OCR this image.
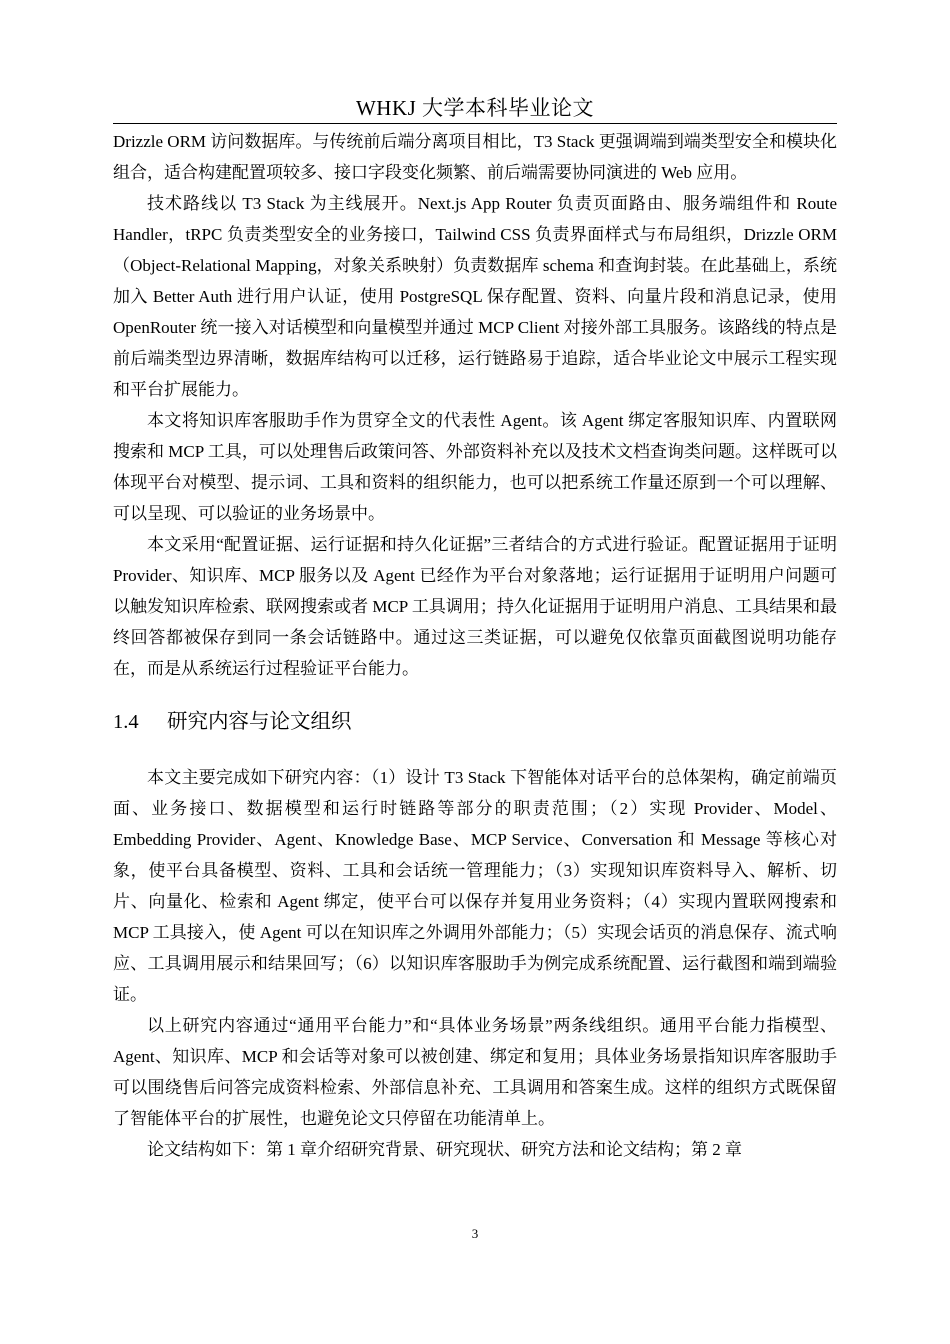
WHKJ 大学本科毕业论文

Drizzle ORM 访问数据库。与传统前后端分离项目相比，T3 Stack 更强调端到端类型安全和模块化组合，适合构建配置项较多、接口字段变化频繁、前后端需要协同演进的 Web 应用。

技术路线以 T3 Stack 为主线展开。Next.js App Router 负责页面路由、服务端组件和 Route Handler，tRPC 负责类型安全的业务接口，Tailwind CSS 负责界面样式与布局组织，Drizzle ORM（Object-Relational Mapping，对象关系映射）负责数据库 schema 和查询封装。在此基础上，系统加入 Better Auth 进行用户认证，使用 PostgreSQL 保存配置、资料、向量片段和消息记录，使用 OpenRouter 统一接入对话模型和向量模型并通过 MCP Client 对接外部工具服务。该路线的特点是前后端类型边界清晰，数据库结构可以迁移，运行链路易于追踪，适合毕业论文中展示工程实现和平台扩展能力。

本文将知识库客服助手作为贯穿全文的代表性 Agent。该 Agent 绑定客服知识库、内置联网搜索和 MCP 工具，可以处理售后政策问答、外部资料补充以及技术文档查询类问题。这样既可以体现平台对模型、提示词、工具和资料的组织能力，也可以把系统工作量还原到一个可以理解、可以呈现、可以验证的业务场景中。

本文采用“配置证据、运行证据和持久化证据”三者结合的方式进行验证。配置证据用于证明 Provider、知识库、MCP 服务以及 Agent 已经作为平台对象落地；运行证据用于证明用户问题可以触发知识库检索、联网搜索或者 MCP 工具调用；持久化证据用于证明用户消息、工具结果和最终回答都被保存到同一条会话链路中。通过这三类证据，可以避免仅依靠页面截图说明功能存在，而是从系统运行过程验证平台能力。

1.4 研究内容与论文组织

本文主要完成如下研究内容：（1）设计 T3 Stack 下智能体对话平台的总体架构，确定前端页面、业务接口、数据模型和运行时链路等部分的职责范围；（2）实现 Provider、Model、Embedding Provider、Agent、Knowledge Base、MCP Service、Conversation 和 Message 等核心对象，使平台具备模型、资料、工具和会话统一管理能力；（3）实现知识库资料导入、解析、切片、向量化、检索和 Agent 绑定，使平台可以保存并复用业务资料；（4）实现内置联网搜索和 MCP 工具接入，使 Agent 可以在知识库之外调用外部能力；（5）实现会话页的消息保存、流式响应、工具调用展示和结果回写；（6）以知识库客服助手为例完成系统配置、运行截图和端到端验证。

以上研究内容通过“通用平台能力”和“具体业务场景”两条线组织。通用平台能力指模型、Agent、知识库、MCP 和会话等对象可以被创建、绑定和复用；具体业务场景指知识库客服助手可以围绕售后问答完成资料检索、外部信息补充、工具调用和答案生成。这样的组织方式既保留了智能体平台的扩展性，也避免论文只停留在功能清单上。

论文结构如下：第 1 章介绍研究背景、研究现状、研究方法和论文结构；第 2 章

3
